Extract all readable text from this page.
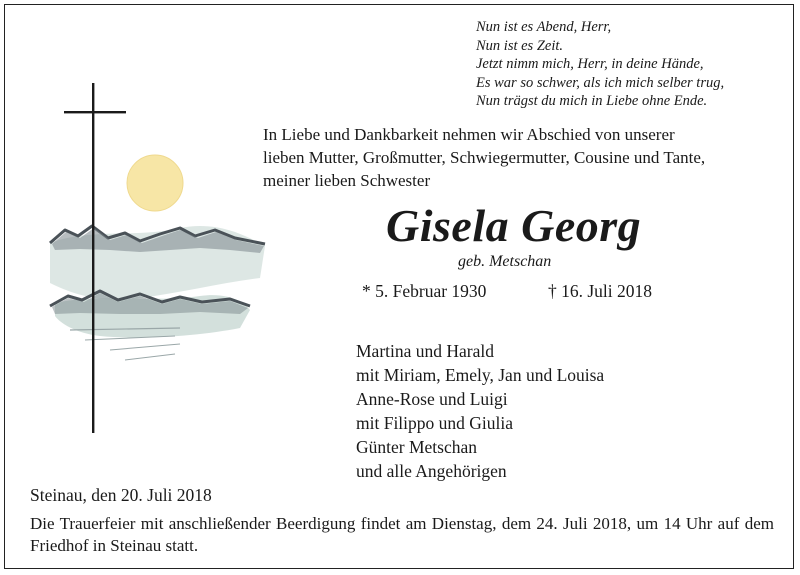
Nun ist es Abend, Herr,
Nun ist es Zeit.
Jetzt nimm mich, Herr, in deine Hände,
Es war so schwer, als ich mich selber trug,
Nun trägst du mich in Liebe ohne Ende.
In Liebe und Dankbarkeit nehmen wir Abschied von unserer
lieben Mutter, Großmutter, Schwiegermutter, Cousine und Tante,
meiner lieben Schwester
Gisela Georg
geb. Metschan
* 5. Februar 1930	† 16. Juli 2018
Martina und Harald
mit Miriam, Emely, Jan und Louisa
Anne-Rose und Luigi
mit Filippo und Giulia
Günter Metschan
und alle Angehörigen
Steinau, den 20. Juli 2018
Die Trauerfeier mit anschließender Beerdigung findet am Dienstag, dem 24. Juli 2018, um 14 Uhr auf dem Friedhof in Steinau statt.
